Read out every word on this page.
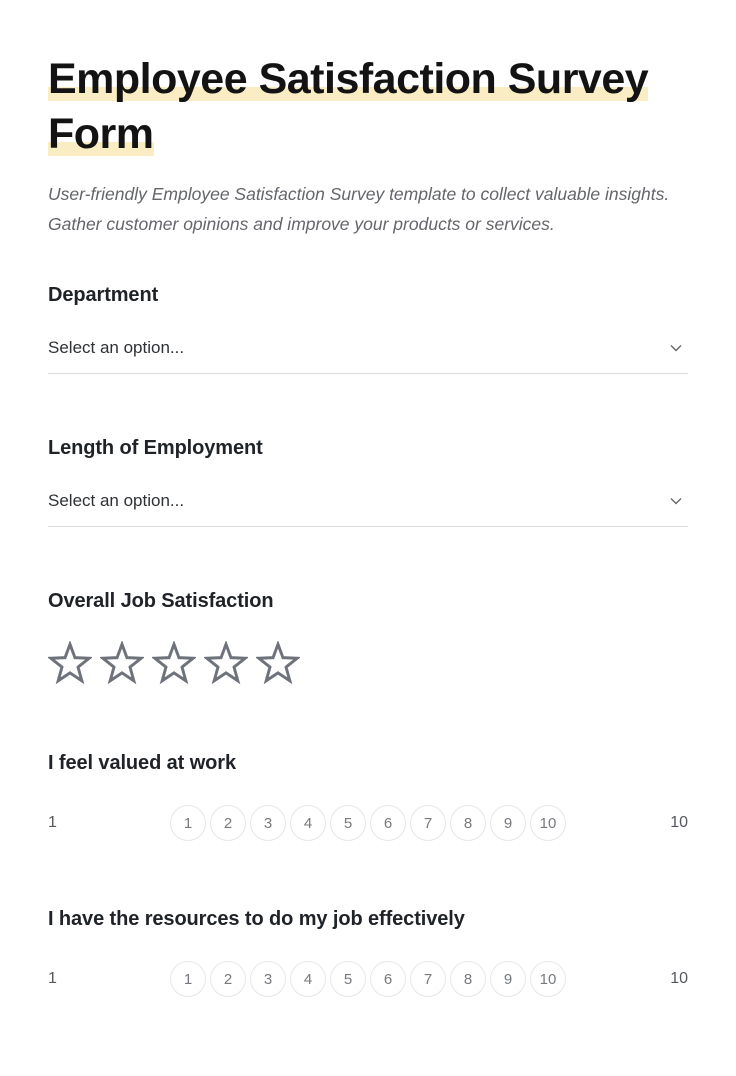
Employee Satisfaction Survey Form

User-friendly Employee Satisfaction Survey template to collect valuable insights. Gather customer opinions and improve your products or services.

Department
Select an option...
Length of Employment
Select an option...
Overall Job Satisfaction
I feel valued at work
1	1	2	3	4	5	6	7	8	9	10	10
I have the resources to do my job effectively
1	1	2	3	4	5	6	7	8	9	10	10
